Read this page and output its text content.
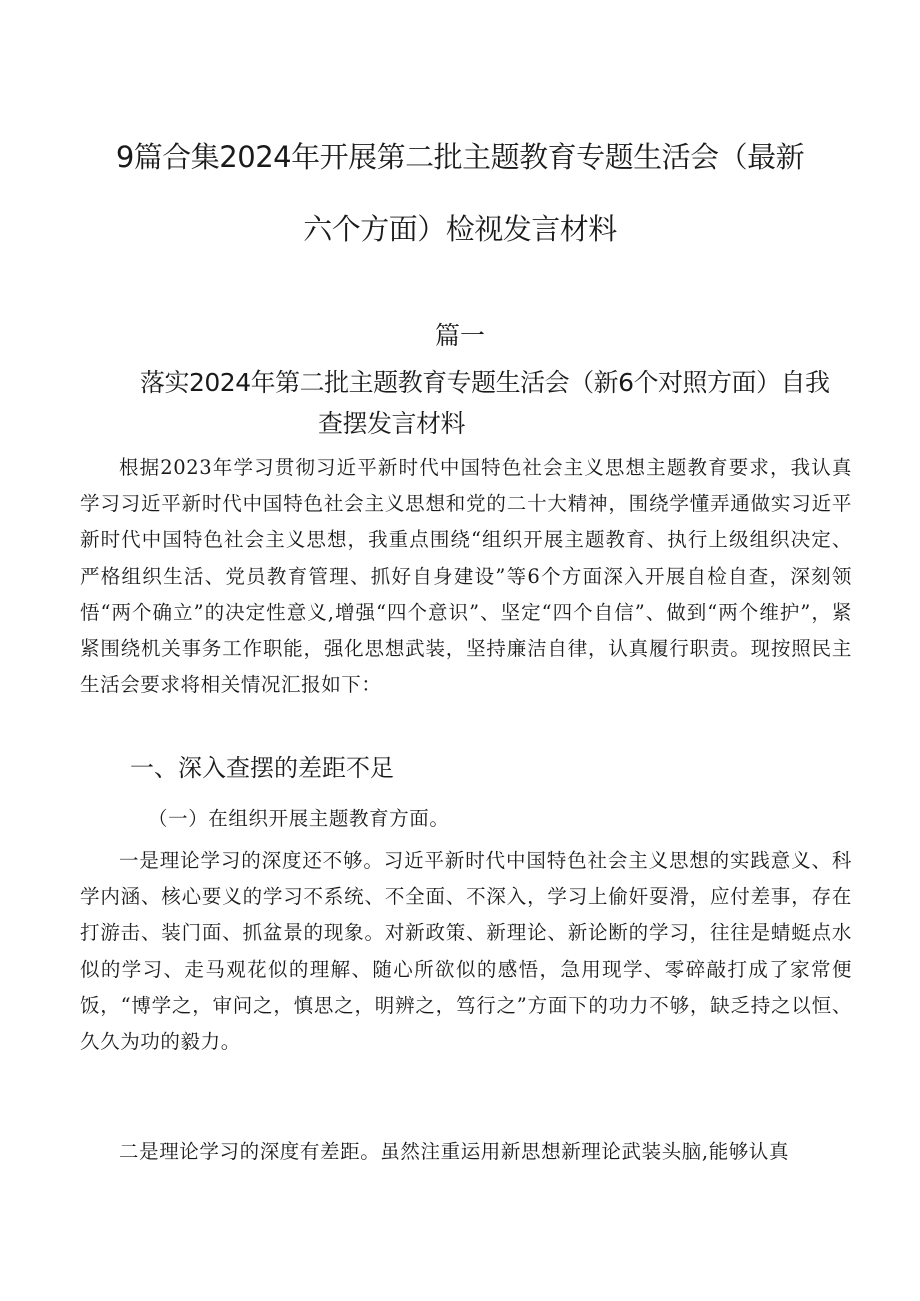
9篇合集2024年开展第二批主题教育专题生活会（最新
六个方面）检视发言材料
篇一
落实2024年第二批主题教育专题生活会（新6个对照方面）自我
查摆发言材料

根据2023年学习贯彻习近平新时代中国特色社会主义思想主题教育要求，我认真学习习近平新时代中国特色社会主义思想和党的二十大精神，围绕学懂弄通做实习近平新时代中国特色社会主义思想，我重点围绕“组织开展主题教育、执行上级组织决定、严格组织生活、党员教育管理、抓好自身建设”等6个方面深入开展自检自查，深刻领悟“两个确立”的决定性意义,增强“四个意识”、坚定“四个自信”、做到“两个维护”，紧紧围绕机关事务工作职能，强化思想武装，坚持廉洁自律，认真履行职责。现按照民主生活会要求将相关情况汇报如下：

一、深入查摆的差距不足
（一）在组织开展主题教育方面。

一是理论学习的深度还不够。习近平新时代中国特色社会主义思想的实践意义、科学内涵、核心要义的学习不系统、不全面、不深入，学习上偷奸耍滑，应付差事，存在打游击、装门面、抓盆景的现象。对新政策、新理论、新论断的学习，往往是蜻蜓点水似的学习、走马观花似的理解、随心所欲似的感悟，急用现学、零碎敲打成了家常便饭，“博学之，审问之，慎思之，明辨之，笃行之”方面下的功力不够，缺乏持之以恒、久久为功的毅力。

二是理论学习的深度有差距。虽然注重运用新思想新理论武装头脑,能够认真
